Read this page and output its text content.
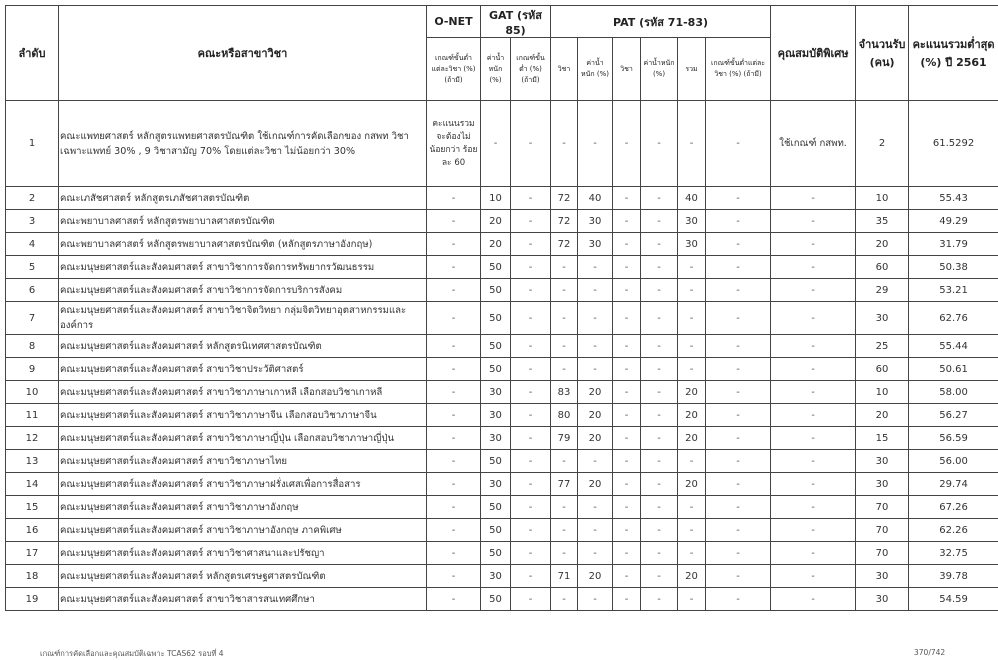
ลำดับ	คณะหรือสาขาวิชา	O-NET	GAT (รหัส 85)		PAT (รหัส 71-83)						คุณสมบัติพิเศษ	จำนวนรับ (คน)	คะแนนรวมต่ำสุด (%) ปี 2561
		เกณฑ์ขั้นต่ำแต่ละวิชา (%) (ถ้ามี)	ค่าน้ำหนัก (%)	เกณฑ์ขั้นต่ำ (%) (ถ้ามี)	วิชา	ค่าน้ำหนัก (%)	วิชา	ค่าน้ำหนัก (%)	รวม	เกณฑ์ขั้นต่ำแต่ละวิชา (%) (ถ้ามี)			
1	คณะแพทยศาสตร์ หลักสูตรแพทยศาสตรบัณฑิต ใช้เกณฑ์การคัดเลือกของ กสพท วิชาเฉพาะแพทย์ 30% , 9 วิชาสามัญ 70% โดยแต่ละวิชา ไม่น้อยกว่า 30%	คะแนนรวม จะต้องไม่ น้อยกว่า ร้อยละ 60	-	-	-	-	-	-	-	-	ใช้เกณฑ์ กสพท.	2	61.5292
2	คณะเภสัชศาสตร์ หลักสูตรเภสัชศาสตรบัณฑิต	-	10	-	72	40	-	-	40	-	-	10	55.43
3	คณะพยาบาลศาสตร์ หลักสูตรพยาบาลศาสตรบัณฑิต	-	20	-	72	30	-	-	30	-	-	35	49.29
4	คณะพยาบาลศาสตร์ หลักสูตรพยาบาลศาสตรบัณฑิต (หลักสูตรภาษาอังกฤษ)	-	20	-	72	30	-	-	30	-	-	20	31.79
5	คณะมนุษยศาสตร์และสังคมศาสตร์ สาขาวิชาการจัดการทรัพยากรวัฒนธรรม	-	50	-	-	-	-	-	-	-	-	60	50.38
6	คณะมนุษยศาสตร์และสังคมศาสตร์ สาขาวิชาการจัดการบริการสังคม	-	50	-	-	-	-	-	-	-	-	29	53.21
7	คณะมนุษยศาสตร์และสังคมศาสตร์ สาขาวิชาจิตวิทยา กลุ่มจิตวิทยาอุตสาหกรรมและองค์การ	-	50	-	-	-	-	-	-	-	-	30	62.76
8	คณะมนุษยศาสตร์และสังคมศาสตร์ หลักสูตรนิเทศศาสตรบัณฑิต	-	50	-	-	-	-	-	-	-	-	25	55.44
9	คณะมนุษยศาสตร์และสังคมศาสตร์ สาขาวิชาประวัติศาสตร์	-	50	-	-	-	-	-	-	-	-	60	50.61
10	คณะมนุษยศาสตร์และสังคมศาสตร์ สาขาวิชาภาษาเกาหลี เลือกสอบวิชาเกาหลี	-	30	-	83	20	-	-	20	-	-	10	58.00
11	คณะมนุษยศาสตร์และสังคมศาสตร์ สาขาวิชาภาษาจีน เลือกสอบวิชาภาษาจีน	-	30	-	80	20	-	-	20	-	-	20	56.27
12	คณะมนุษยศาสตร์และสังคมศาสตร์ สาขาวิชาภาษาญี่ปุ่น เลือกสอบวิชาภาษาญี่ปุ่น	-	30	-	79	20	-	-	20	-	-	15	56.59
13	คณะมนุษยศาสตร์และสังคมศาสตร์ สาขาวิชาภาษาไทย	-	50	-	-	-	-	-	-	-	-	30	56.00
14	คณะมนุษยศาสตร์และสังคมศาสตร์ สาขาวิชาภาษาฝรั่งเศสเพื่อการสื่อสาร	-	30	-	77	20	-	-	20	-	-	30	29.74
15	คณะมนุษยศาสตร์และสังคมศาสตร์ สาขาวิชาภาษาอังกฤษ	-	50	-	-	-	-	-	-	-	-	70	67.26
16	คณะมนุษยศาสตร์และสังคมศาสตร์ สาขาวิชาภาษาอังกฤษ ภาคพิเศษ	-	50	-	-	-	-	-	-	-	-	70	62.26
17	คณะมนุษยศาสตร์และสังคมศาสตร์ สาขาวิชาศาสนาและปรัชญา	-	50	-	-	-	-	-	-	-	-	70	32.75
18	คณะมนุษยศาสตร์และสังคมศาสตร์ หลักสูตรเศรษฐศาสตรบัณฑิต	-	30	-	71	20	-	-	20	-	-	30	39.78
19	คณะมนุษยศาสตร์และสังคมศาสตร์ สาขาวิชาสารสนเทศศึกษา	-	50	-	-	-	-	-	-	-	-	30	54.59
เกณฑ์การคัดเลือกและคุณสมบัติเฉพาะ TCAS62 รอบที่ 4	370/742
